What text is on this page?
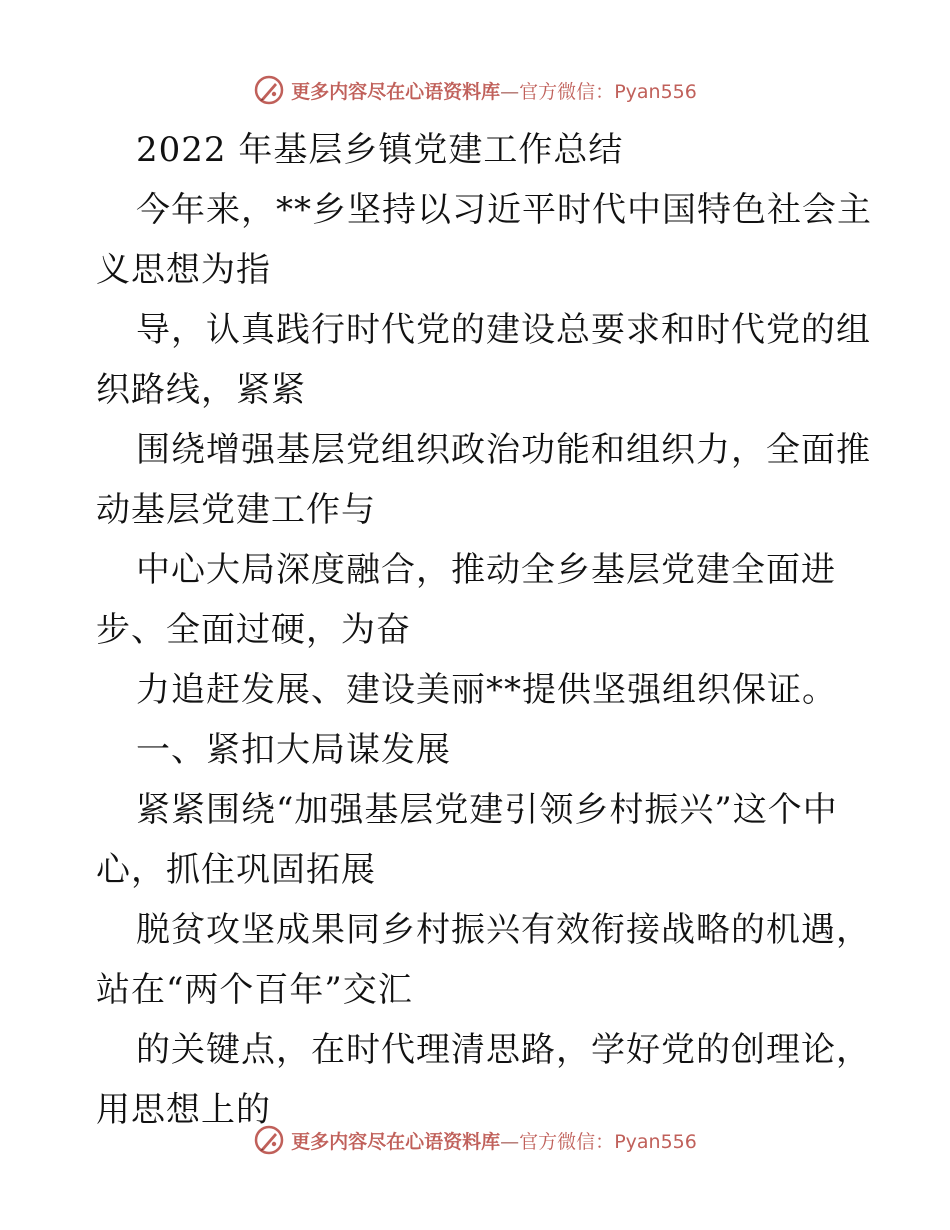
更多内容尽在心语资料库—官方微信：Pyan556
2022 年基层乡镇党建工作总结
今年来，**乡坚持以习近平时代中国特色社会主
义思想为指
导，认真践行时代党的建设总要求和时代党的组
织路线，紧紧
围绕增强基层党组织政治功能和组织力，全面推
动基层党建工作与
中心大局深度融合，推动全乡基层党建全面进
步、全面过硬，为奋
力追赶发展、建设美丽**提供坚强组织保证。
一、紧扣大局谋发展
紧紧围绕“加强基层党建引领乡村振兴”这个中
心，抓住巩固拓展
脱贫攻坚成果同乡村振兴有效衔接战略的机遇，
站在“两个百年”交汇
的关键点，在时代理清思路，学好党的创理论，
用思想上的
更多内容尽在心语资料库—官方微信：Pyan556
